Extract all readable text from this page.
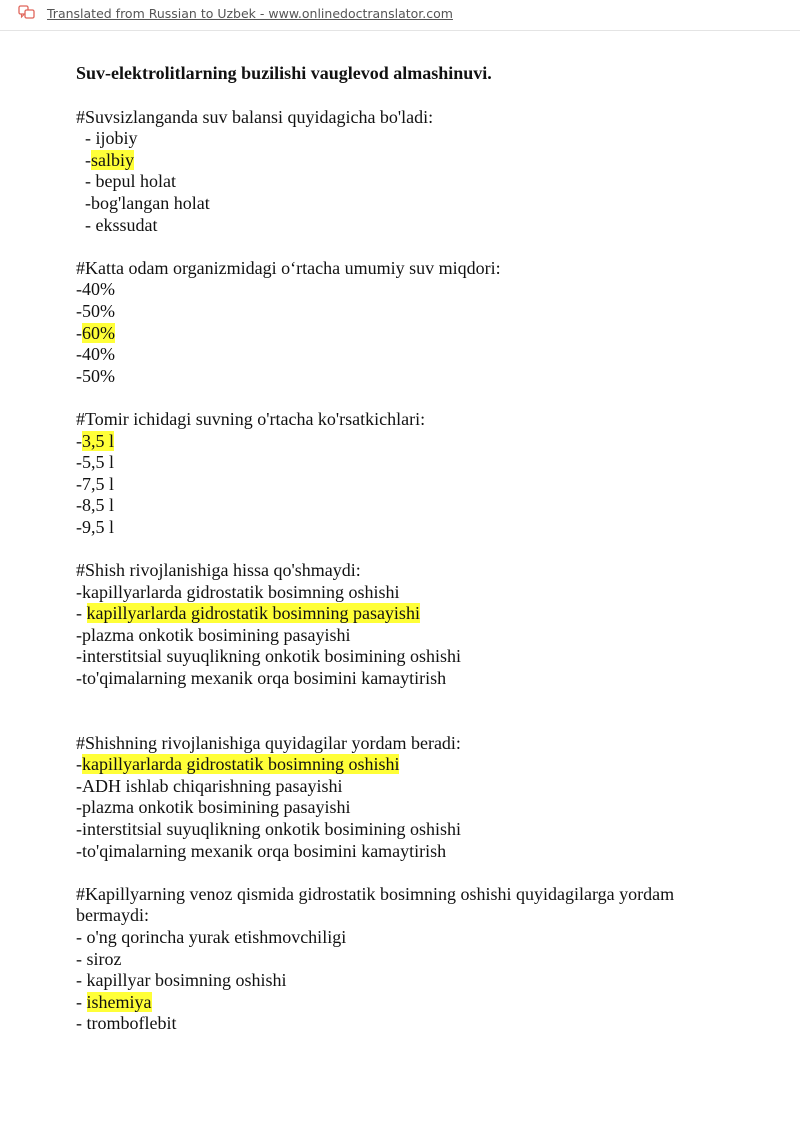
Translated from Russian to Uzbek - www.onlinedoctranslator.com
Suv-elektrolitlarning buzilishi vauglevod almashinuvi.
#Suvsizlanganda suv balansi quyidagicha bo'ladi:
- ijobiy
-salbiy
- bepul holat
-bog'langan holat
- ekssudat
#Katta odam organizmidagi o‘rtacha umumiy suv miqdori:
-40%
-50%
-60%
-40%
-50%
#Tomir ichidagi suvning o'rtacha ko'rsatkichlari:
-3,5 l
-5,5 l
-7,5 l
-8,5 l
-9,5 l
#Shish rivojlanishiga hissa qo'shmaydi:
-kapillyarlarda gidrostatik bosimning oshishi
- kapillyarlarda gidrostatik bosimning pasayishi
-plazma onkotik bosimining pasayishi
-interstitsial suyuqlikning onkotik bosimining oshishi
-to'qimalarning mexanik orqa bosimini kamaytirish
#Shishning rivojlanishiga quyidagilar yordam beradi:
-kapillyarlarda gidrostatik bosimning oshishi
-ADH ishlab chiqarishning pasayishi
-plazma onkotik bosimining pasayishi
-interstitsial suyuqlikning onkotik bosimining oshishi
-to'qimalarning mexanik orqa bosimini kamaytirish
#Kapillyarning venoz qismida gidrostatik bosimning oshishi quyidagilarga yordam bermaydi:
- o'ng qorincha yurak etishmovchiligi
- siroz
- kapillyar bosimning oshishi
- ishemiya
- tromboflebit
